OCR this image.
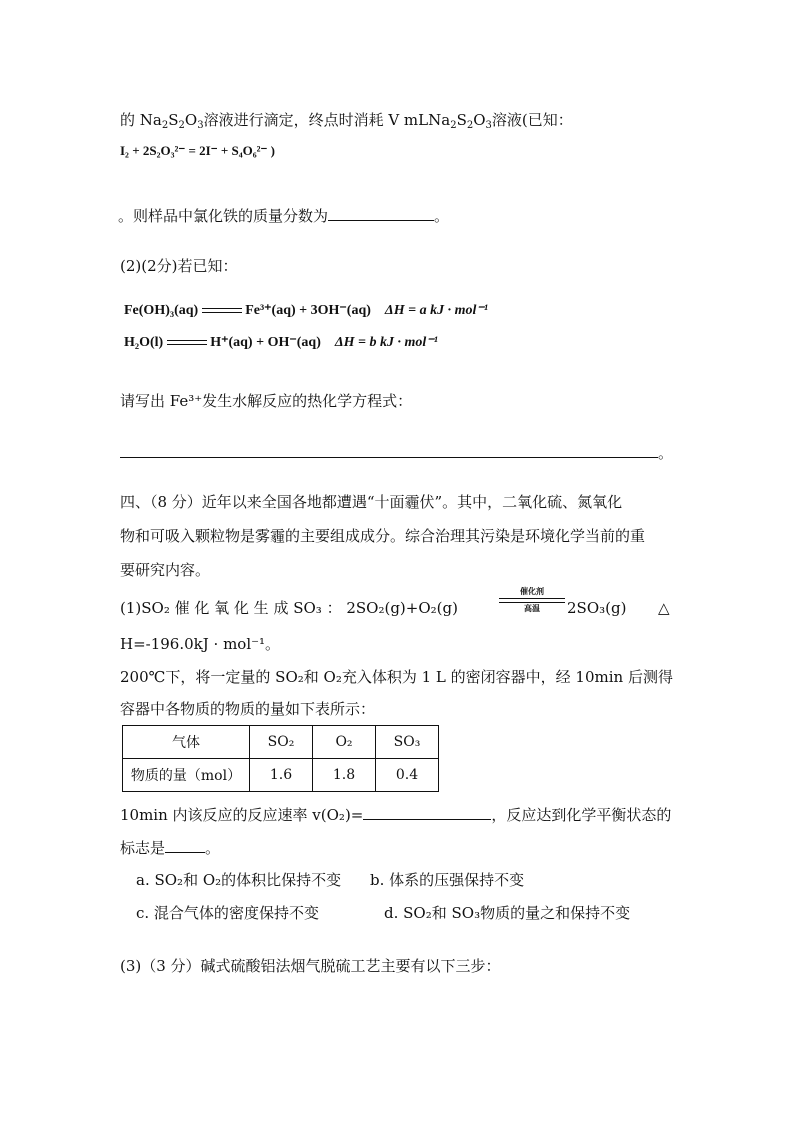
的 $Na_2S_2O_3$溶液进行滴定，终点时消耗 V $mLNa_2S_2O_3$溶液(已知：
I₂ + 2S₂O₃²⁻ = 2I⁻ + S₄O₆²⁻ )
。则样品中氯化铁的质量分数为	。
(2)(2分)若已知：
Fe(OH)₃(aq)	Fe³⁺(aq) + 3OH⁻(aq) ΔH = a kJ · mol⁻¹
H₂O(l)	H⁺(aq) + OH⁻(aq) ΔH = b kJ · mol⁻¹
请写出 Fe³⁺发生水解反应的热化学方程式：
。
四、（8 分）近年以来全国各地都遭遇“十面霾伏”。其中，二氧化硫、氮氧化
物和可吸入颗粒物是雾霾的主要组成成分。综合治理其污染是环境化学当前的重
要研究内容。
(1)SO₂ 催 化 氧 化 生 成 SO₃ ： 2SO₂(g)+O₂(g)
催化剂
高温	2SO₃(g) △
H=-196.0kJ · mol⁻¹。
200℃下，将一定量的 SO₂和 O₂充入体积为 1 L 的密闭容器中，经 10min 后测得
容器中各物质的物质的量如下表所示：
气体	SO₂	O₂	SO₃
物质的量（mol）	1.6	1.8	0.4
10min 内该反应的反应速率 v(O₂)=	，反应达到化学平衡状态的
标志是	。
a. SO₂和 O₂的体积比保持不变 b. 体系的压强保持不变
c. 混合气体的密度保持不变	d. SO₂和 SO₃物质的量之和保持不变
(3)（3 分）碱式硫酸铝法烟气脱硫工艺主要有以下三步：
